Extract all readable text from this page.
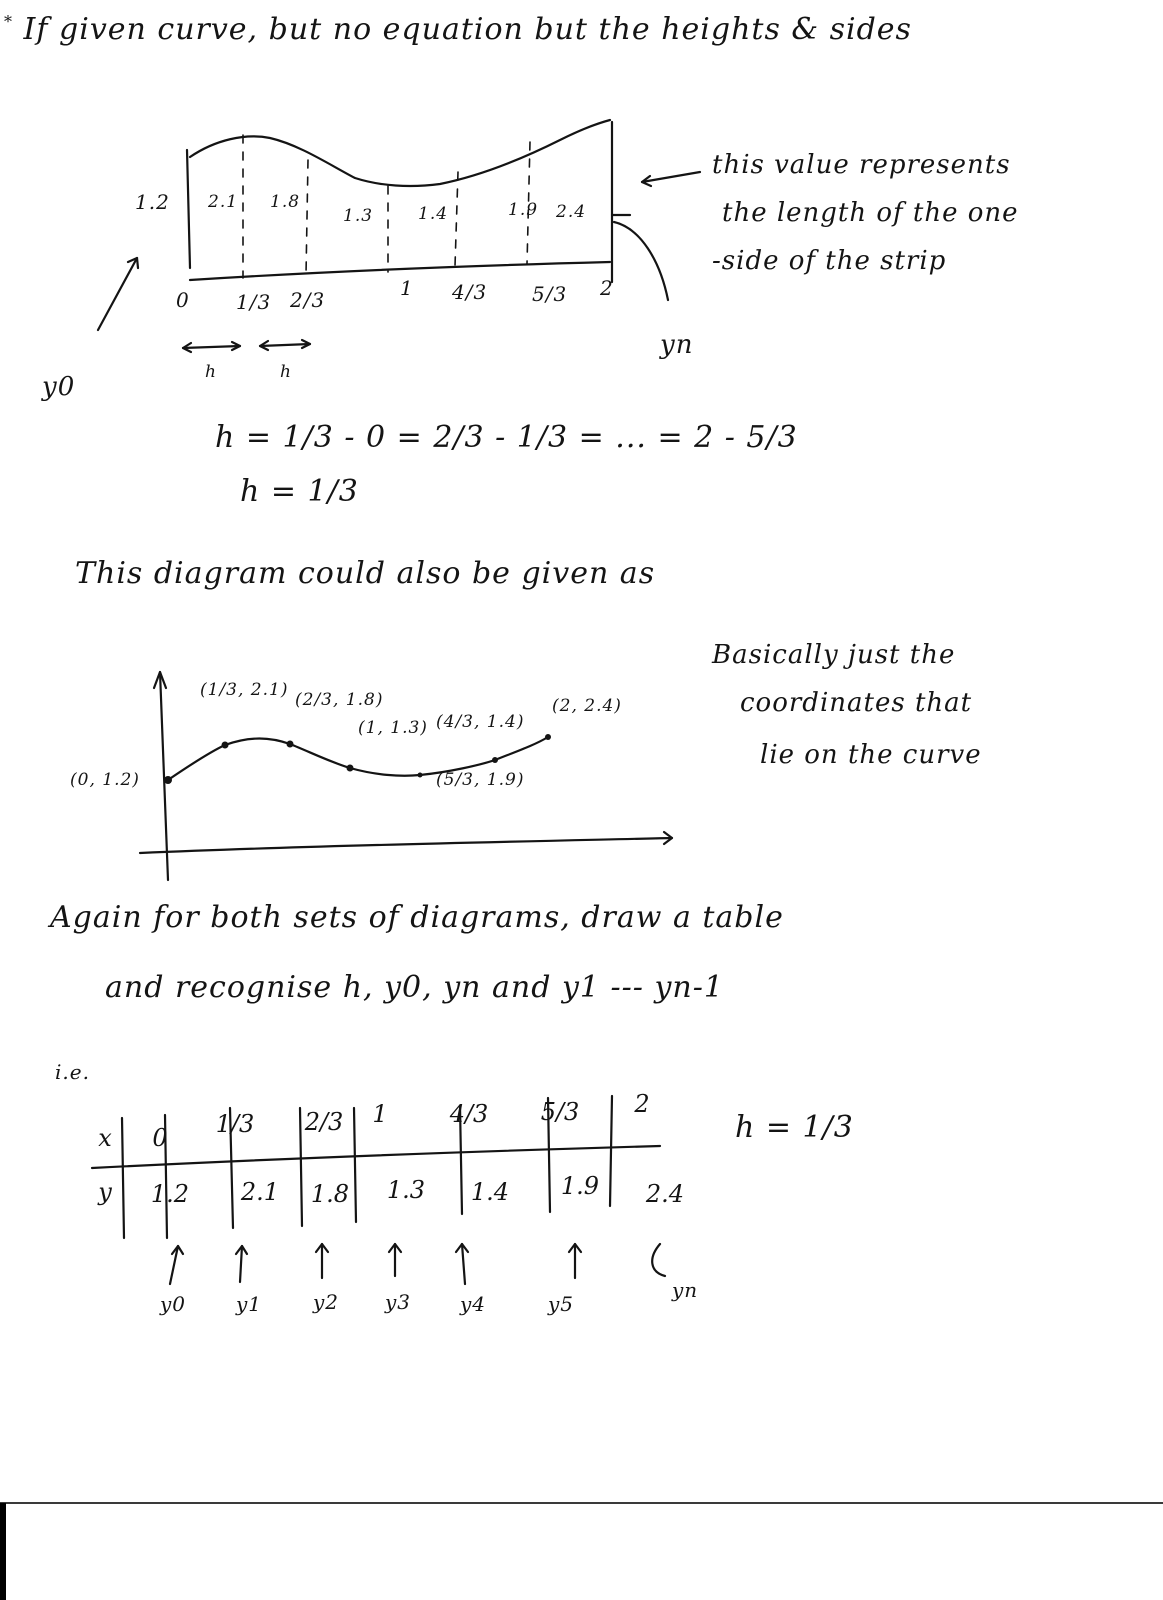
* If given curve, but no equation but the heights & sides
1.2 2.1 1.8
1.3	1.4	1.9 2.4
0 1/3 2/3	1 4/3 5/3 2
h	h
y0
yn
this value represents
the length of the one
-side of the strip
h = 1/3 - 0 = 2/3 - 1/3 = ... = 2 - 5/3
h = 1/3
This diagram could also be given as
(0, 1.2)
(1/3, 2.1) (2/3, 1.8)
(1, 1.3) (4/3, 1.4)
(5/3, 1.9)
(2, 2.4)
Basically just the
coordinates that
lie on the curve
Again for both sets of diagrams, draw a table
and recognise h, y0, yn and y1 --- yn-1
i.e.
x
y
0	1/3	2/3	1	4/3	5/3	2
1.2	2.1	1.8	1.3	1.4	1.9	2.4
y0 y1	y2 y3 y4	y5
yn
h = 1/3
